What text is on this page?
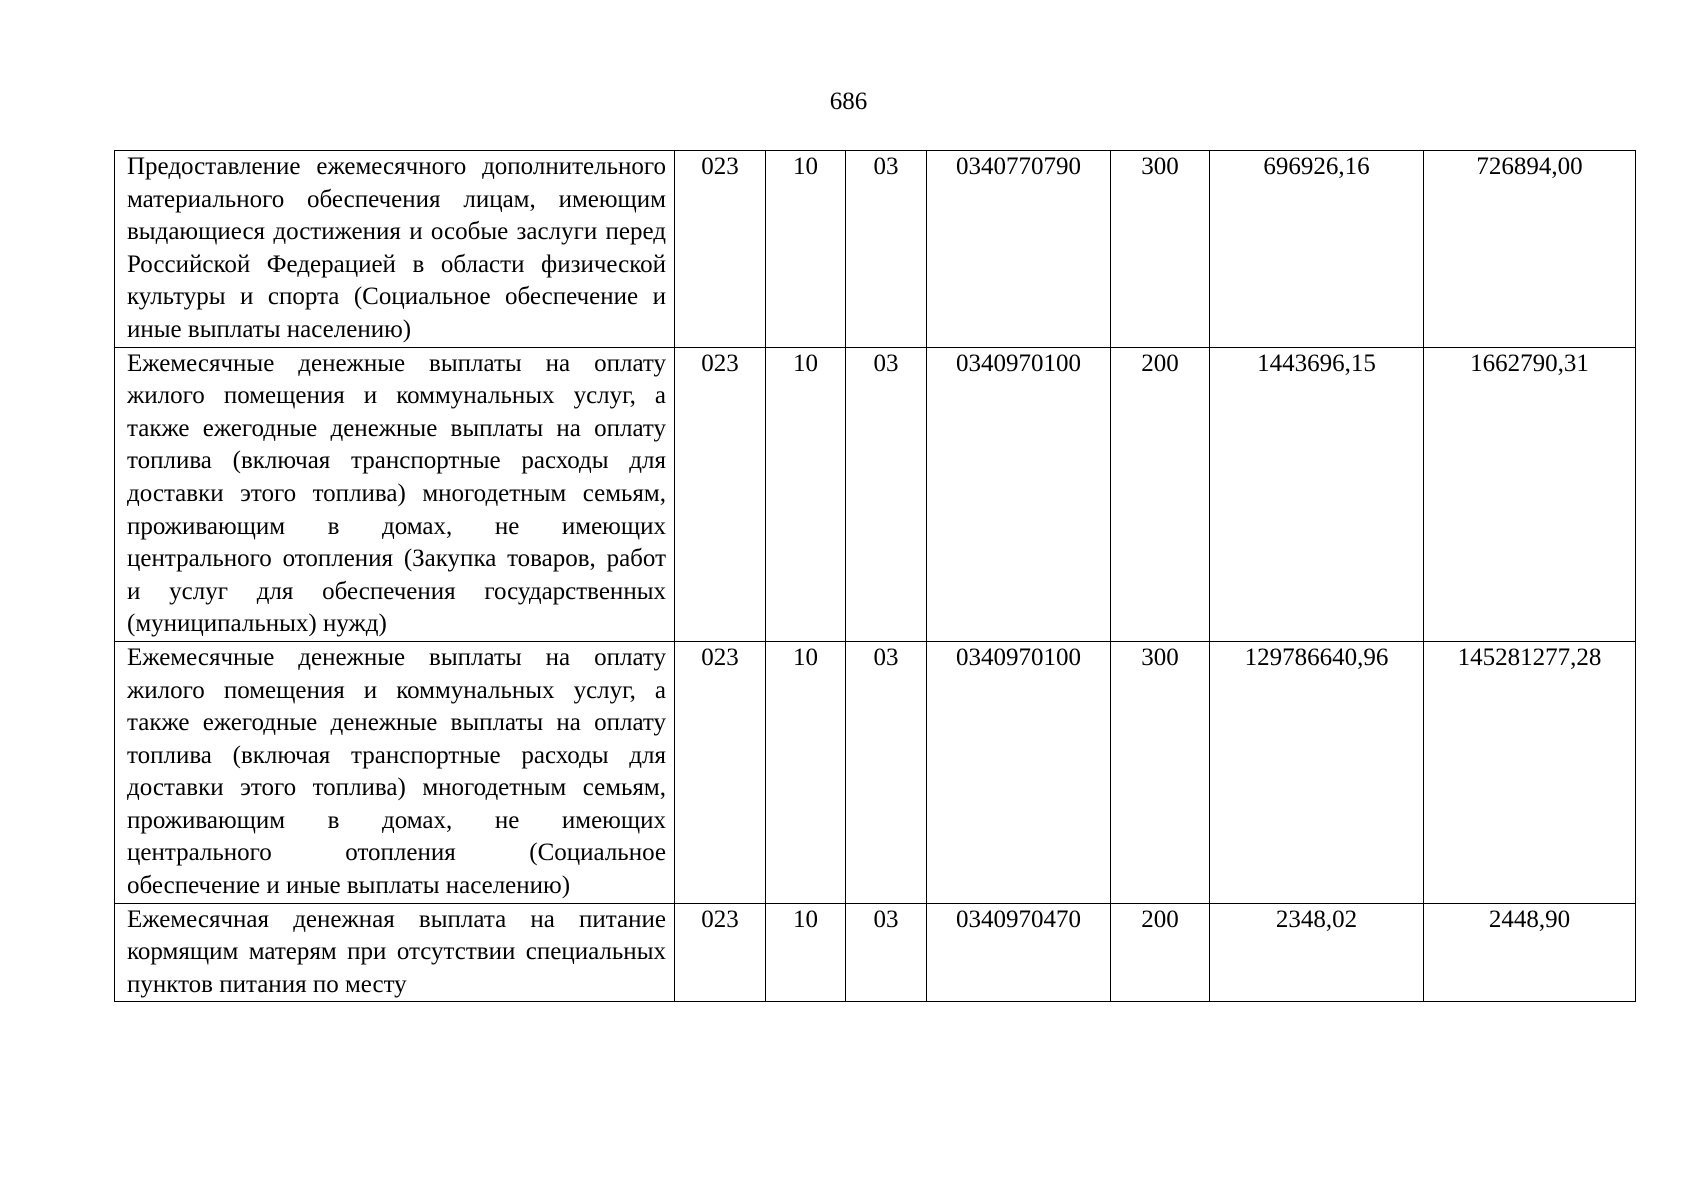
686
Предоставление ежемесячного дополнительного материального обеспечения лицам, имеющим выдающиеся достижения и особые заслуги перед Российской Федерацией в области физической культуры и спорта (Социальное обеспечение и иные выплаты населению)	023	10	03	0340770790	300	696926,16	726894,00
Ежемесячные денежные выплаты на оплату жилого помещения и коммунальных услуг, а также ежегодные денежные выплаты на оплату топлива (включая транспортные расходы для доставки этого топлива) многодетным семьям, проживающим в домах, не имеющих центрального отопления (Закупка товаров, работ и услуг для обеспечения государственных (муниципальных) нужд)	023	10	03	0340970100	200	1443696,15	1662790,31
Ежемесячные денежные выплаты на оплату жилого помещения и коммунальных услуг, а также ежегодные денежные выплаты на оплату топлива (включая транспортные расходы для доставки этого топлива) многодетным семьям, проживающим в домах, не имеющих центрального отопления (Социальное обеспечение и иные выплаты населению)	023	10	03	0340970100	300	129786640,96	145281277,28

Ежемесячная денежная выплата на питание кормящим матерям при отсутствии специальных пунктов питания по месту	023	10	03	0340970470	200	2348,02	2448,90
